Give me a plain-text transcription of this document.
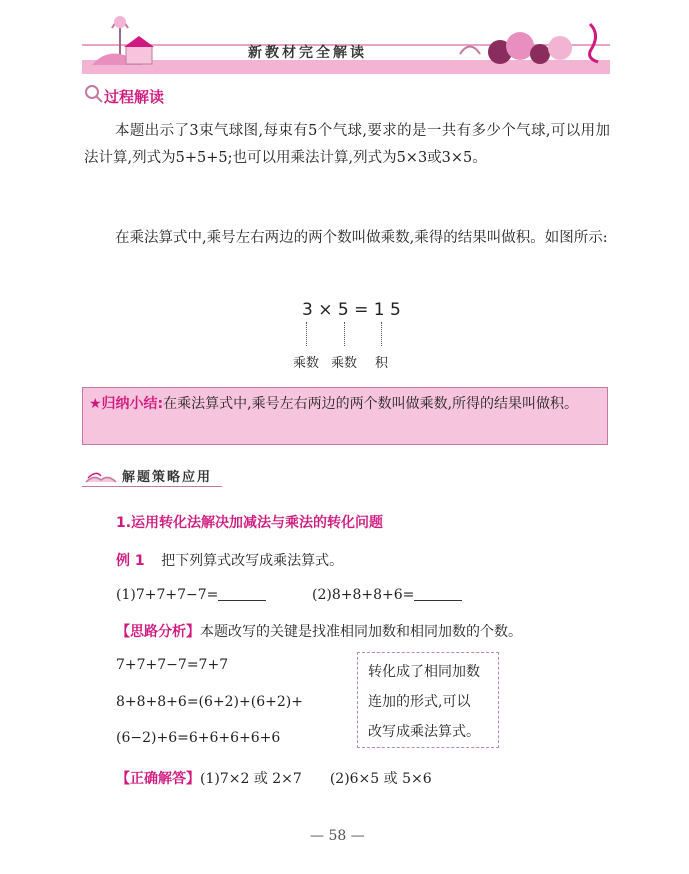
新教材完全解读
过程解读
本题出示了3束气球图,每束有5个气球,要求的是一共有多少个气球,可以用加法计算,列式为5+5+5;也可以用乘法计算,列式为5×3或3×5。
在乘法算式中,乘号左右两边的两个数叫做乘数,乘得的结果叫做积。如图所示:
3 × 5 = 1 5
乘数 乘数 积
★归纳小结:在乘法算式中,乘号左右两边的两个数叫做乘数,所得的结果叫做积。
解题策略应用
1.运用转化法解决加减法与乘法的转化问题
例 1 把下列算式改写成乘法算式。
(1)7+7+7−7=	(2)8+8+8+6=
【思路分析】本题改写的关键是找准相同加数和相同加数的个数。
7+7+7−7=7+7
8+8+8+6=(6+2)+(6+2)+
(6−2)+6=6+6+6+6+6
转化成了相同加数
连加的形式,可以
改写成乘法算式。
【正确解答】(1)7×2 或 2×7　　(2)6×5 或 5×6
— 58 —
